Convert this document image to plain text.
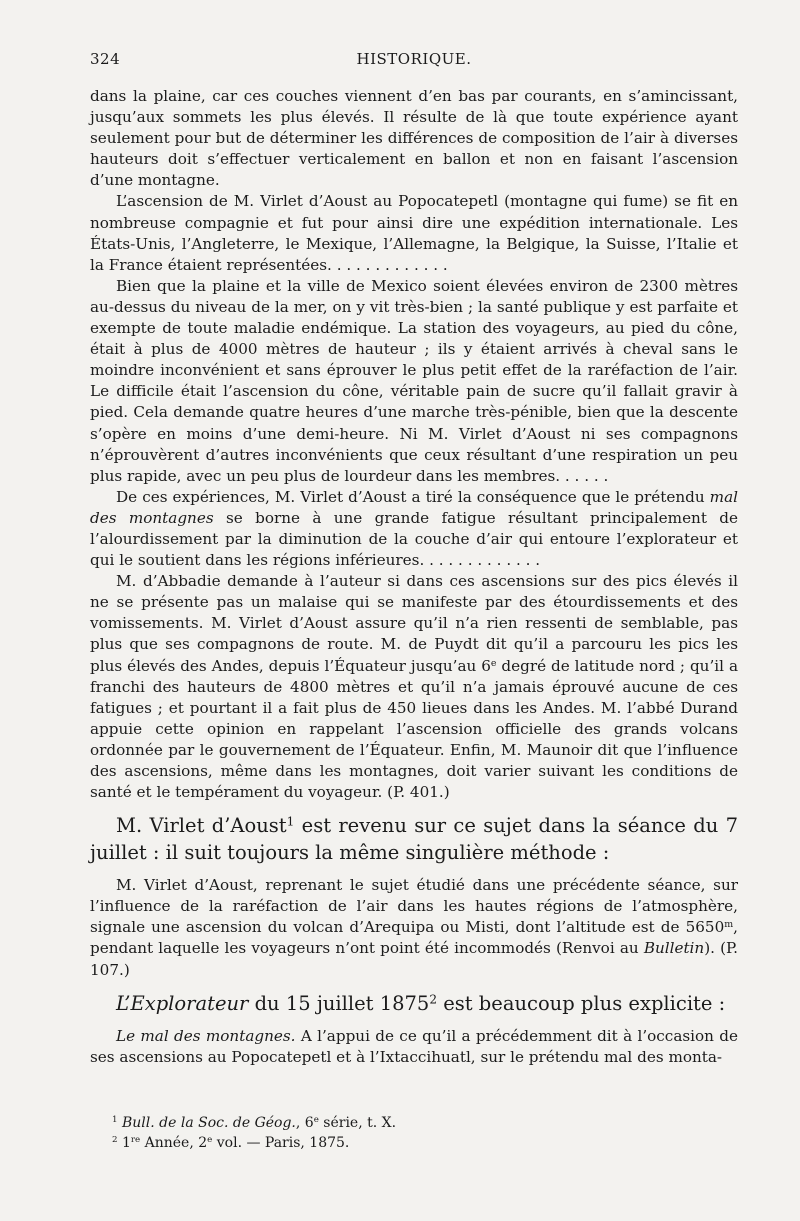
324	HISTORIQUE.

dans la plaine, car ces couches viennent d’en bas par courants, en s’amincissant, jusqu’aux sommets les plus élevés. Il résulte de là que toute expérience ayant seulement pour but de déterminer les différences de composition de l’air à diverses hauteurs doit s’effectuer verticalement en ballon et non en faisant l’ascension d’une montagne.

L’ascension de M. Virlet d’Aoust au Popocatepetl (montagne qui fume) se fit en nombreuse compagnie et fut pour ainsi dire une expédition internationale. Les États-Unis, l’Angleterre, le Mexique, l’Allemagne, la Belgique, la Suisse, l’Italie et la France étaient représentées. . . . . . . . . . . . .

Bien que la plaine et la ville de Mexico soient élevées environ de 2300 mètres au-dessus du niveau de la mer, on y vit très-bien ; la santé publique y est parfaite et exempte de toute maladie endémique. La station des voyageurs, au pied du cône, était à plus de 4000 mètres de hauteur ; ils y étaient arrivés à cheval sans le moindre inconvénient et sans éprouver le plus petit effet de la raréfaction de l’air. Le difficile était l’ascension du cône, véritable pain de sucre qu’il fallait gravir à pied. Cela demande quatre heures d’une marche très-pénible, bien que la descente s’opère en moins d’une demi-heure. Ni M. Virlet d’Aoust ni ses compagnons n’éprouvèrent d’autres inconvénients que ceux résultant d’une respiration un peu plus rapide, avec un peu plus de lourdeur dans les membres. . . . . .

De ces expériences, M. Virlet d’Aoust a tiré la conséquence que le prétendu mal des montagnes se borne à une grande fatigue résultant principalement de l’alourdissement par la diminution de la couche d’air qui entoure l’explorateur et qui le soutient dans les régions inférieures. . . . . . . . . . . . .

M. d’Abbadie demande à l’auteur si dans ces ascensions sur des pics élevés il ne se présente pas un malaise qui se manifeste par des étourdissements et des vomissements. M. Virlet d’Aoust assure qu’il n’a rien ressenti de semblable, pas plus que ses compagnons de route. M. de Puydt dit qu’il a parcouru les pics les plus élevés des Andes, depuis l’Équateur jusqu’au 6e degré de latitude nord ; qu’il a franchi des hauteurs de 4800 mètres et qu’il n’a jamais éprouvé aucune de ces fatigues ; et pourtant il a fait plus de 450 lieues dans les Andes. M. l’abbé Durand appuie cette opinion en rappelant l’ascension officielle des grands volcans ordonnée par le gouvernement de l’Équateur. Enfin, M. Maunoir dit que l’influence des ascensions, même dans les montagnes, doit varier suivant les conditions de santé et le tempérament du voyageur. (P. 401.)

M. Virlet d’Aoust$^1$ est revenu sur ce sujet dans la séance du 7 juillet : il suit toujours la même singulière méthode :

M. Virlet d’Aoust, reprenant le sujet étudié dans une précédente séance, sur l’influence de la raréfaction de l’air dans les hautes régions de l’atmosphère, signale une ascension du volcan d’Arequipa ou Misti, dont l’altitude est de 5650$^m$, pendant laquelle les voyageurs n’ont point été incommodés (Renvoi au Bulletin). (P. 107.)

L’Explorateur du 15 juillet 1875$^2$ est beaucoup plus explicite :

Le mal des montagnes. A l’appui de ce qu’il a précédemment dit à l’occasion de ses ascensions au Popocatepetl et à l’Ixtaccihuatl, sur le prétendu mal des monta-

$^1$ Bull. de la Soc. de Géog., 6e série, t. X.
$^2$ 1re Année, 2e vol. — Paris, 1875.
